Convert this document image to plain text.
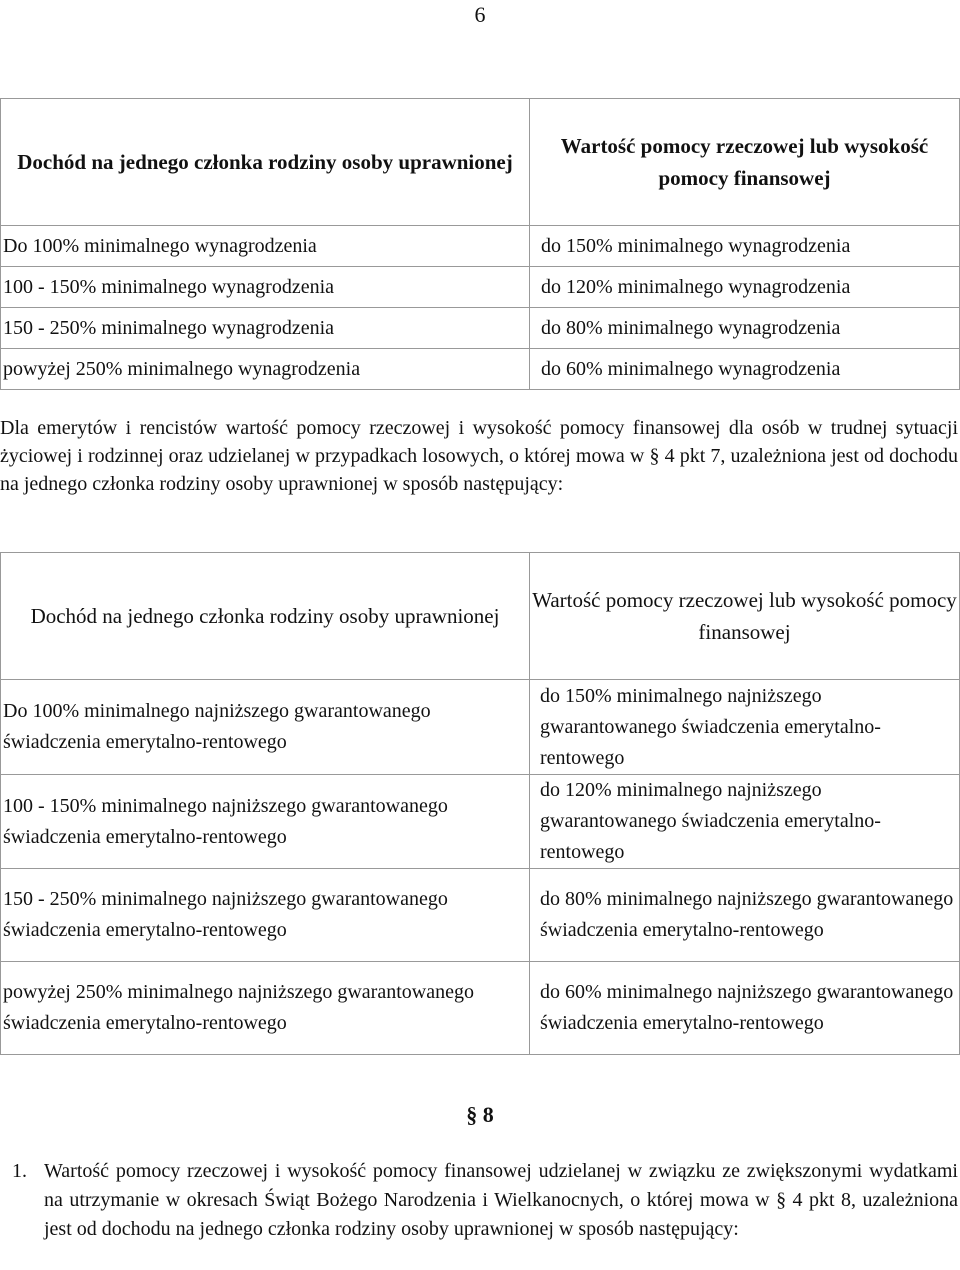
6
Dochód na jednego członka rodziny osoby uprawnionej	Wartość pomocy rzeczowej lub wysokość pomocy finansowej
Do 100% minimalnego wynagrodzenia	do 150% minimalnego wynagrodzenia
100 - 150% minimalnego wynagrodzenia	do 120% minimalnego wynagrodzenia
150 - 250% minimalnego wynagrodzenia	do 80% minimalnego wynagrodzenia
powyżej 250% minimalnego wynagrodzenia	do 60% minimalnego wynagrodzenia
Dla emerytów i rencistów wartość pomocy rzeczowej i wysokość pomocy finansowej dla osób w trudnej sytuacji życiowej i rodzinnej oraz udzielanej w przypadkach losowych, o której mowa w § 4 pkt 7, uzależniona jest od dochodu na jednego członka rodziny osoby uprawnionej w sposób następujący:
Dochód na jednego członka rodziny osoby uprawnionej	Wartość pomocy rzeczowej lub wysokość pomocy finansowej
Do 100% minimalnego najniższego gwarantowanego świadczenia emerytalno-rentowego	do 150% minimalnego najniższego gwarantowanego świadczenia emerytalno-rentowego
100 - 150% minimalnego najniższego gwarantowanego świadczenia emerytalno-rentowego	do 120% minimalnego najniższego gwarantowanego świadczenia emerytalno-rentowego
150 - 250% minimalnego najniższego gwarantowanego świadczenia emerytalno-rentowego	do 80% minimalnego najniższego gwarantowanego świadczenia emerytalno-rentowego
powyżej 250% minimalnego najniższego gwarantowanego świadczenia emerytalno-rentowego	do 60% minimalnego najniższego gwarantowanego świadczenia emerytalno-rentowego
§ 8
1. Wartość pomocy rzeczowej i wysokość pomocy finansowej udzielanej w związku ze zwiększonymi wydatkami na utrzymanie w okresach Świąt Bożego Narodzenia i Wielkanocnych, o której mowa w § 4 pkt 8, uzależniona jest od dochodu na jednego członka rodziny osoby uprawnionej w sposób następujący:
